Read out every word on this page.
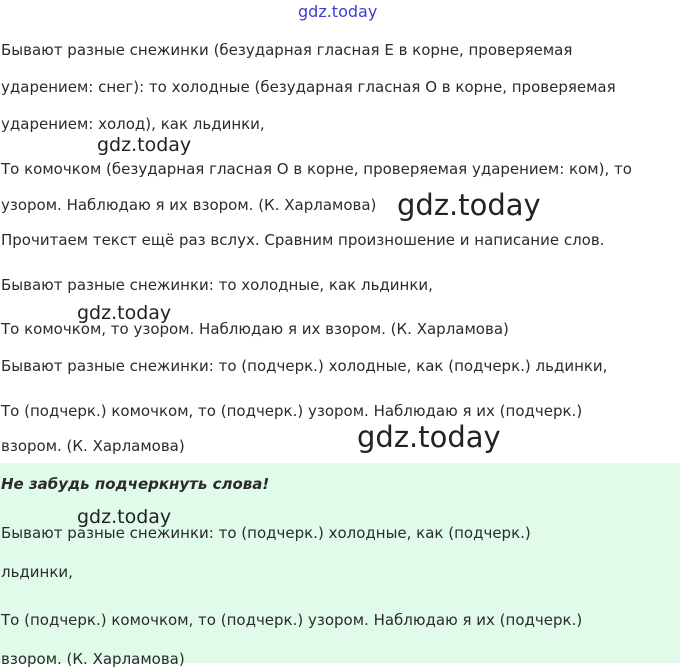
gdz.today
Бывают разные снежинки (безударная гласная Е в корне, проверяемая
ударением: снег): то холодные (безударная гласная О в корне, проверяемая
ударением: холод), как льдинки,
gdz.today
То комочком (безударная гласная О в корне, проверяемая ударением: ком), то
узором. Наблюдаю я их взором. (К. Харламова) gdz.today
Прочитаем текст ещё раз вслух. Сравним произношение и написание слов.
Бывают разные снежинки: то холодные, как льдинки,
gdz.today
То комочком, то узором. Наблюдаю я их взором. (К. Харламова)
Бывают разные снежинки: то (подчерк.) холодные, как (подчерк.) льдинки,
То (подчерк.) комочком, то (подчерк.) узором. Наблюдаю я их (подчерк.)
взором. (К. Харламова)	gdz.today
Не забудь подчеркнуть слова!
gdz.today
Бывают разные снежинки: то (подчерк.) холодные, как (подчерк.)
льдинки,
То (подчерк.) комочком, то (подчерк.) узором. Наблюдаю я их (подчерк.)
взором. (К. Харламова)
